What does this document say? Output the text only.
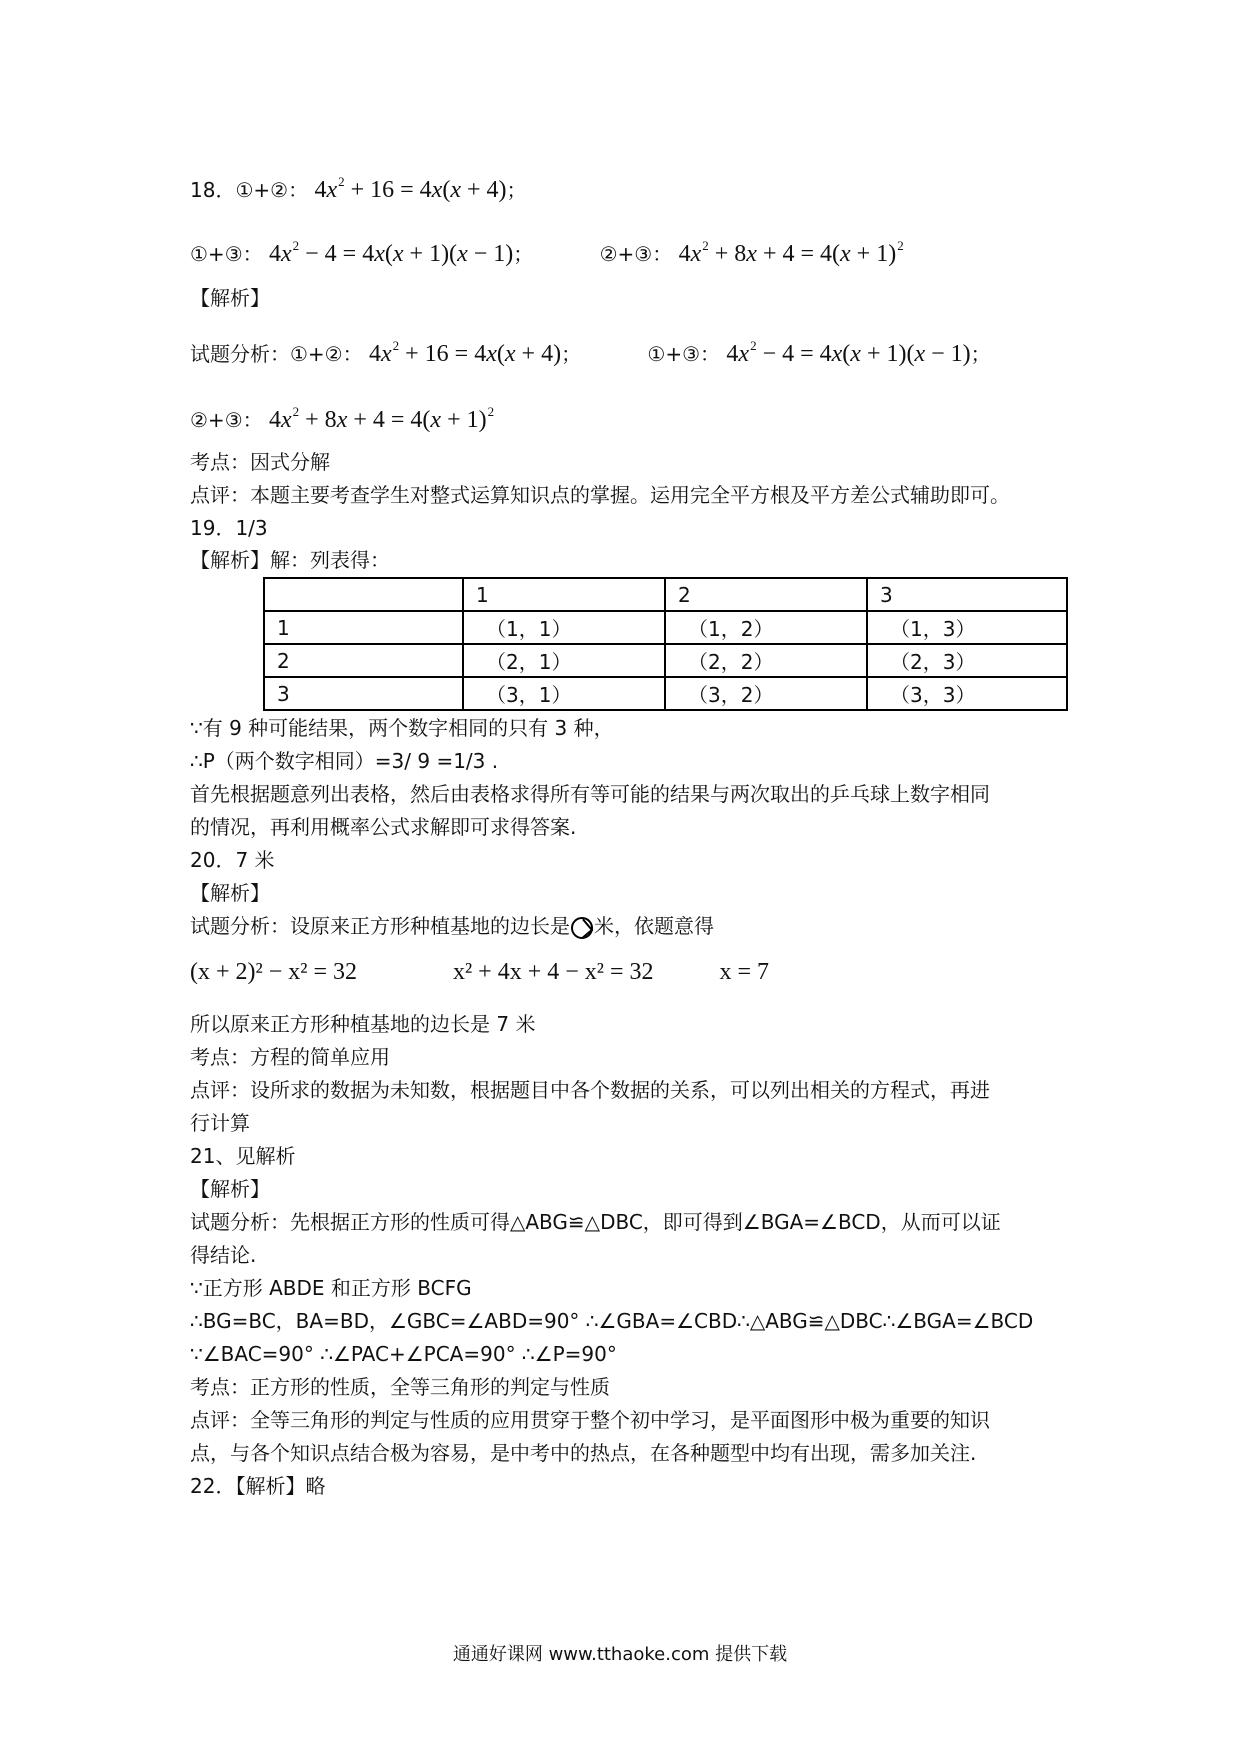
18．①+②： $4x^2 + 16 = 4x(x + 4)$；
①+③： $4x^2 - 4 = 4x(x + 1)(x - 1)$；	②+③： $4x^2 + 8x + 4 = 4(x + 1)^2$
【解析】
试题分析：①+②： $4x^2 + 16 = 4x(x + 4)$；	①+③： $4x^2 - 4 = 4x(x + 1)(x - 1)$；
②+③： $4x^2 + 8x + 4 = 4(x + 1)^2$
考点：因式分解
点评：本题主要考查学生对整式运算知识点的掌握。运用完全平方根及平方差公式辅助即可。
19．1/3
【解析】解：列表得：
	1	2	3
1	（1，1）	（1，2）	（1，3）
2	（2，1）	（2，2）	（2，3）
3	（3，1）	（3，2）	（3，3）
∵有 9 种可能结果，两个数字相同的只有 3 种，
∴P（两个数字相同）=3/ 9 =1/3 .
首先根据题意列出表格，然后由表格求得所有等可能的结果与两次取出的乒乓球上数字相同
的情况，再利用概率公式求解即可求得答案.
20．7 米
【解析】
试题分析：设原来正方形种植基地的边长是 米，依题意得
(x + 2)² − x² = 32	x² + 4x + 4 − x² = 32	x = 7
所以原来正方形种植基地的边长是 7 米
考点：方程的简单应用
点评：设所求的数据为未知数，根据题目中各个数据的关系，可以列出相关的方程式，再进
行计算
21、见解析
【解析】
试题分析：先根据正方形的性质可得△ABG≌△DBC，即可得到∠BGA=∠BCD，从而可以证
得结论.
∵正方形 ABDE 和正方形 BCFG
∴BG=BC，BA=BD，∠GBC=∠ABD=90° ∴∠GBA=∠CBD∴△ABG≌△DBC∴∠BGA=∠BCD
∵∠BAC=90° ∴∠PAC+∠PCA=90° ∴∠P=90°
考点：正方形的性质，全等三角形的判定与性质
点评：全等三角形的判定与性质的应用贯穿于整个初中学习，是平面图形中极为重要的知识
点，与各个知识点结合极为容易，是中考中的热点，在各种题型中均有出现，需多加关注.
22．【解析】略
通通好课网 www.tthaoke.com 提供下载
